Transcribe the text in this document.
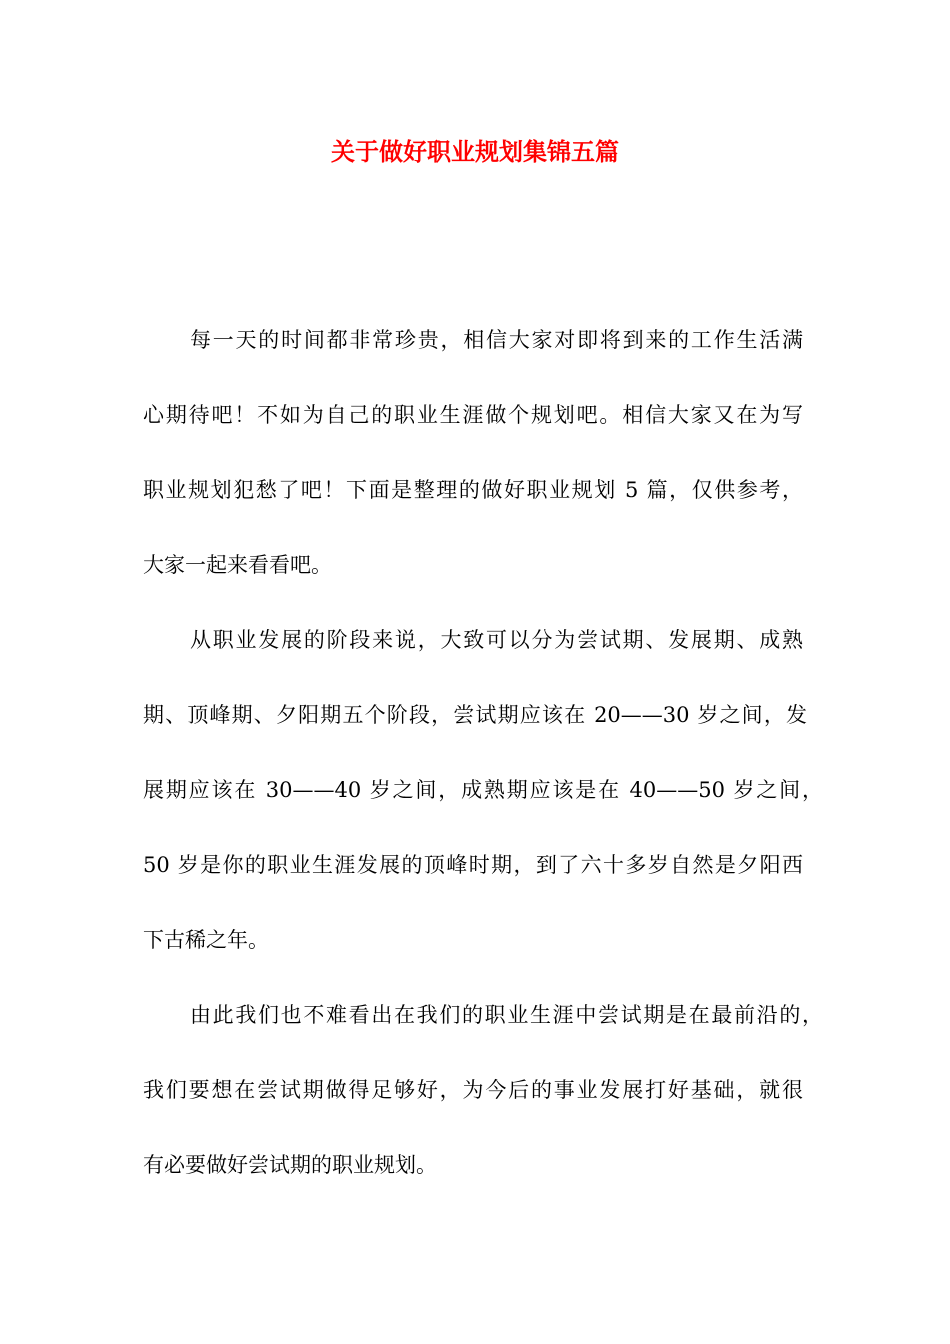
关于做好职业规划集锦五篇

每一天的时间都非常珍贵，相信大家对即将到来的工作生活满

心期待吧！不如为自己的职业生涯做个规划吧。相信大家又在为写

职业规划犯愁了吧！下面是整理的做好职业规划 5 篇，仅供参考，

大家一起来看看吧。

从职业发展的阶段来说，大致可以分为尝试期、发展期、成熟

期、顶峰期、夕阳期五个阶段，尝试期应该在 20——30 岁之间，发

展期应该在 30——40 岁之间，成熟期应该是在 40——50 岁之间，

50 岁是你的职业生涯发展的顶峰时期，到了六十多岁自然是夕阳西

下古稀之年。

由此我们也不难看出在我们的职业生涯中尝试期是在最前沿的，

我们要想在尝试期做得足够好，为今后的事业发展打好基础，就很

有必要做好尝试期的职业规划。
